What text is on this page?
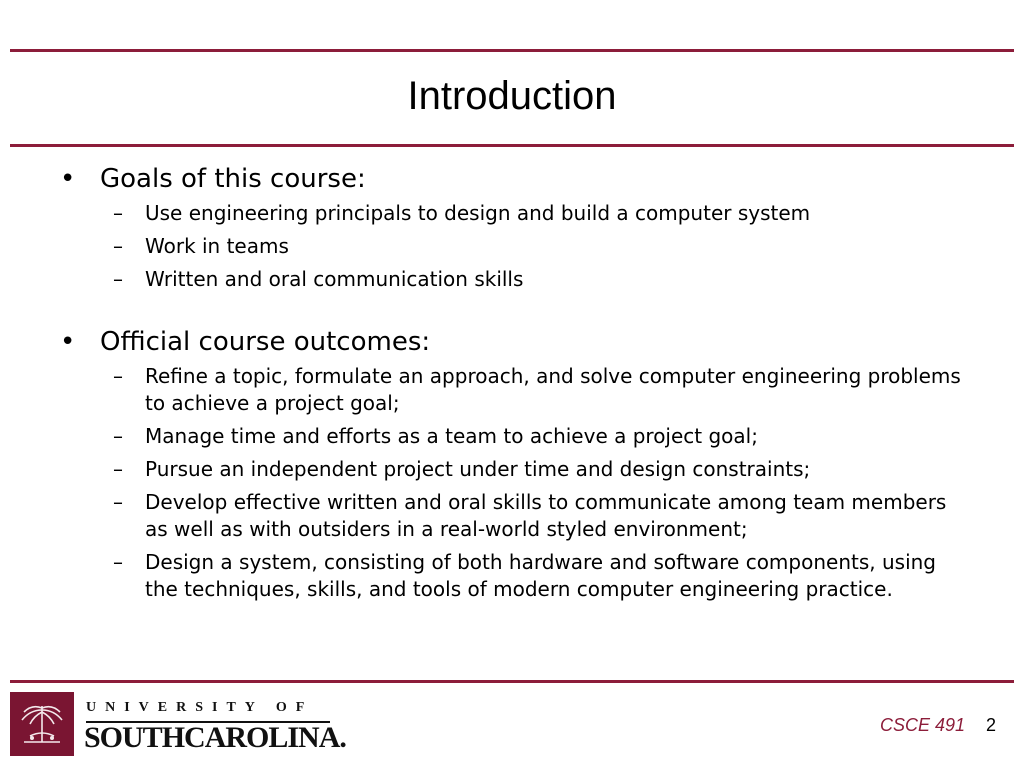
Introduction
• Goals of this course:
– Use engineering principals to design and build a computer system
– Work in teams
– Written and oral communication skills
• Official course outcomes:
– Refine a topic, formulate an approach, and solve computer engineering problems to achieve a project goal;
– Manage time and efforts as a team to achieve a project goal;
– Pursue an independent project under time and design constraints;
– Develop effective written and oral skills to communicate among team members as well as with outsiders in a real-world styled environment;
– Design a system, consisting of both hardware and software components, using the techniques, skills, and tools of modern computer engineering practice.
UNIVERSITY OF
SOUTHCAROLINA.	CSCE 491 2
